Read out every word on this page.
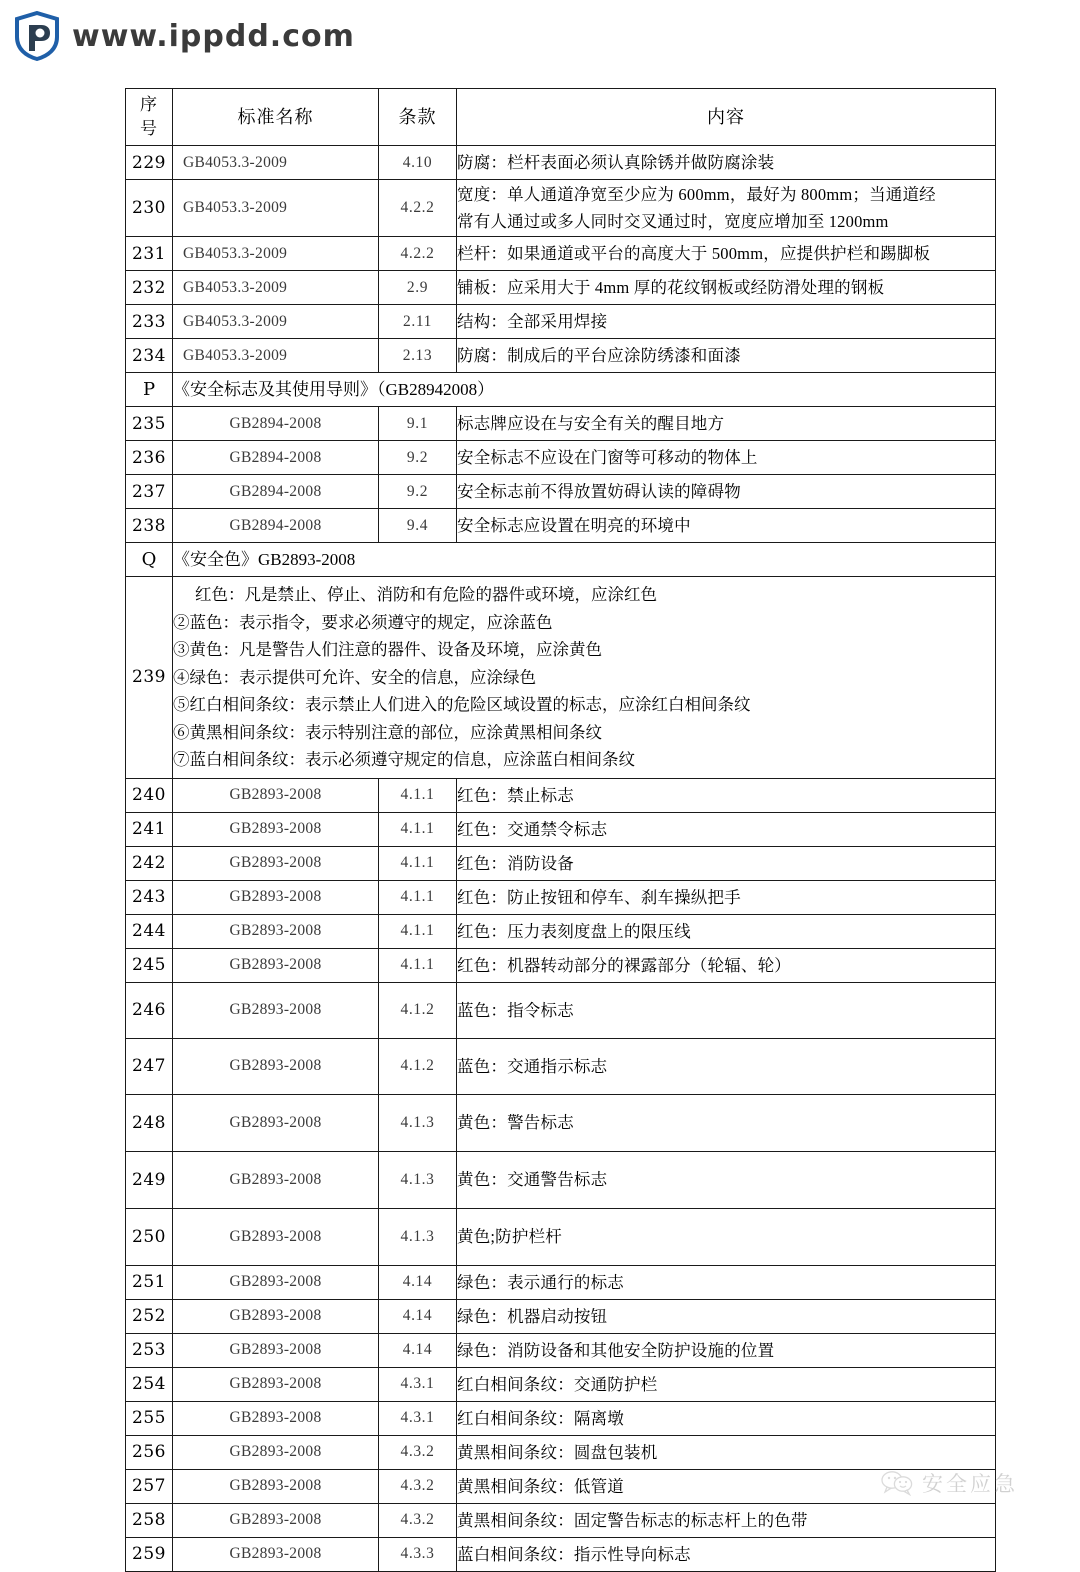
www.ippdd.com
序
号	标准名称	条款	内容
229	GB4053.3-2009	4.10	防腐：栏杆表面必须认真除锈并做防腐涂装
230	GB4053.3-2009	4.2.2	宽度：单人通道净宽至少应为 600mm，最好为 800mm；当通道经
常有人通过或多人同时交叉通过时，宽度应增加至 1200mm

231	GB4053.3-2009	4.2.2	栏杆：如果通道或平台的高度大于 500mm，应提供护栏和踢脚板
232	GB4053.3-2009	2.9	铺板：应采用大于 4mm 厚的花纹钢板或经防滑处理的钢板
233	GB4053.3-2009	2.11	结构：全部采用焊接
234	GB4053.3-2009	2.13	防腐：制成后的平台应涂防绣漆和面漆
P	《安全标志及其使用导则》（GB28942008）		
235	GB2894-2008	9.1	标志牌应设在与安全有关的醒目地方
236	GB2894-2008	9.2	安全标志不应设在门窗等可移动的物体上
237	GB2894-2008	9.2	安全标志前不得放置妨碍认读的障碍物
238	GB2894-2008	9.4	安全标志应设置在明亮的环境中
Q	《安全色》GB2893-2008		
239	
红色：凡是禁止、停止、消防和有危险的器件或环境，应涂红色
②蓝色：表示指令，要求必须遵守的规定，应涂蓝色
③黄色：凡是警告人们注意的器件、设备及环境，应涂黄色
④绿色：表示提供可允许、安全的信息，应涂绿色
⑤红白相间条纹：表示禁止人们进入的危险区域设置的标志，应涂红白相间条纹
⑥黄黑相间条纹：表示特别注意的部位，应涂黄黑相间条纹
⑦蓝白相间条纹：表示必须遵守规定的信息，应涂蓝白相间条纹

240	GB2893-2008	4.1.1	红色：禁止标志
241	GB2893-2008	4.1.1	红色：交通禁令标志
242	GB2893-2008	4.1.1	红色：消防设备
243	GB2893-2008	4.1.1	红色：防止按钮和停车、刹车操纵把手
244	GB2893-2008	4.1.1	红色：压力表刻度盘上的限压线
245	GB2893-2008	4.1.1	红色：机器转动部分的裸露部分（轮辐、轮）
246	GB2893-2008	4.1.2	蓝色：指令标志
247	GB2893-2008	4.1.2	蓝色：交通指示标志
248	GB2893-2008	4.1.3	黄色：警告标志
249	GB2893-2008	4.1.3	黄色：交通警告标志
250	GB2893-2008	4.1.3	黄色;防护栏杆
251	GB2893-2008	4.14	绿色：表示通行的标志
252	GB2893-2008	4.14	绿色：机器启动按钮
253	GB2893-2008	4.14	绿色：消防设备和其他安全防护设施的位置
254	GB2893-2008	4.3.1	红白相间条纹：交通防护栏
255	GB2893-2008	4.3.1	红白相间条纹：隔离墩
256	GB2893-2008	4.3.2	黄黑相间条纹：圆盘包装机
257	GB2893-2008	4.3.2	黄黑相间条纹：低管道
258	GB2893-2008	4.3.2	黄黑相间条纹：固定警告标志的标志杆上的色带
259	GB2893-2008	4.3.3	蓝白相间条纹：指示性导向标志
安全应急
